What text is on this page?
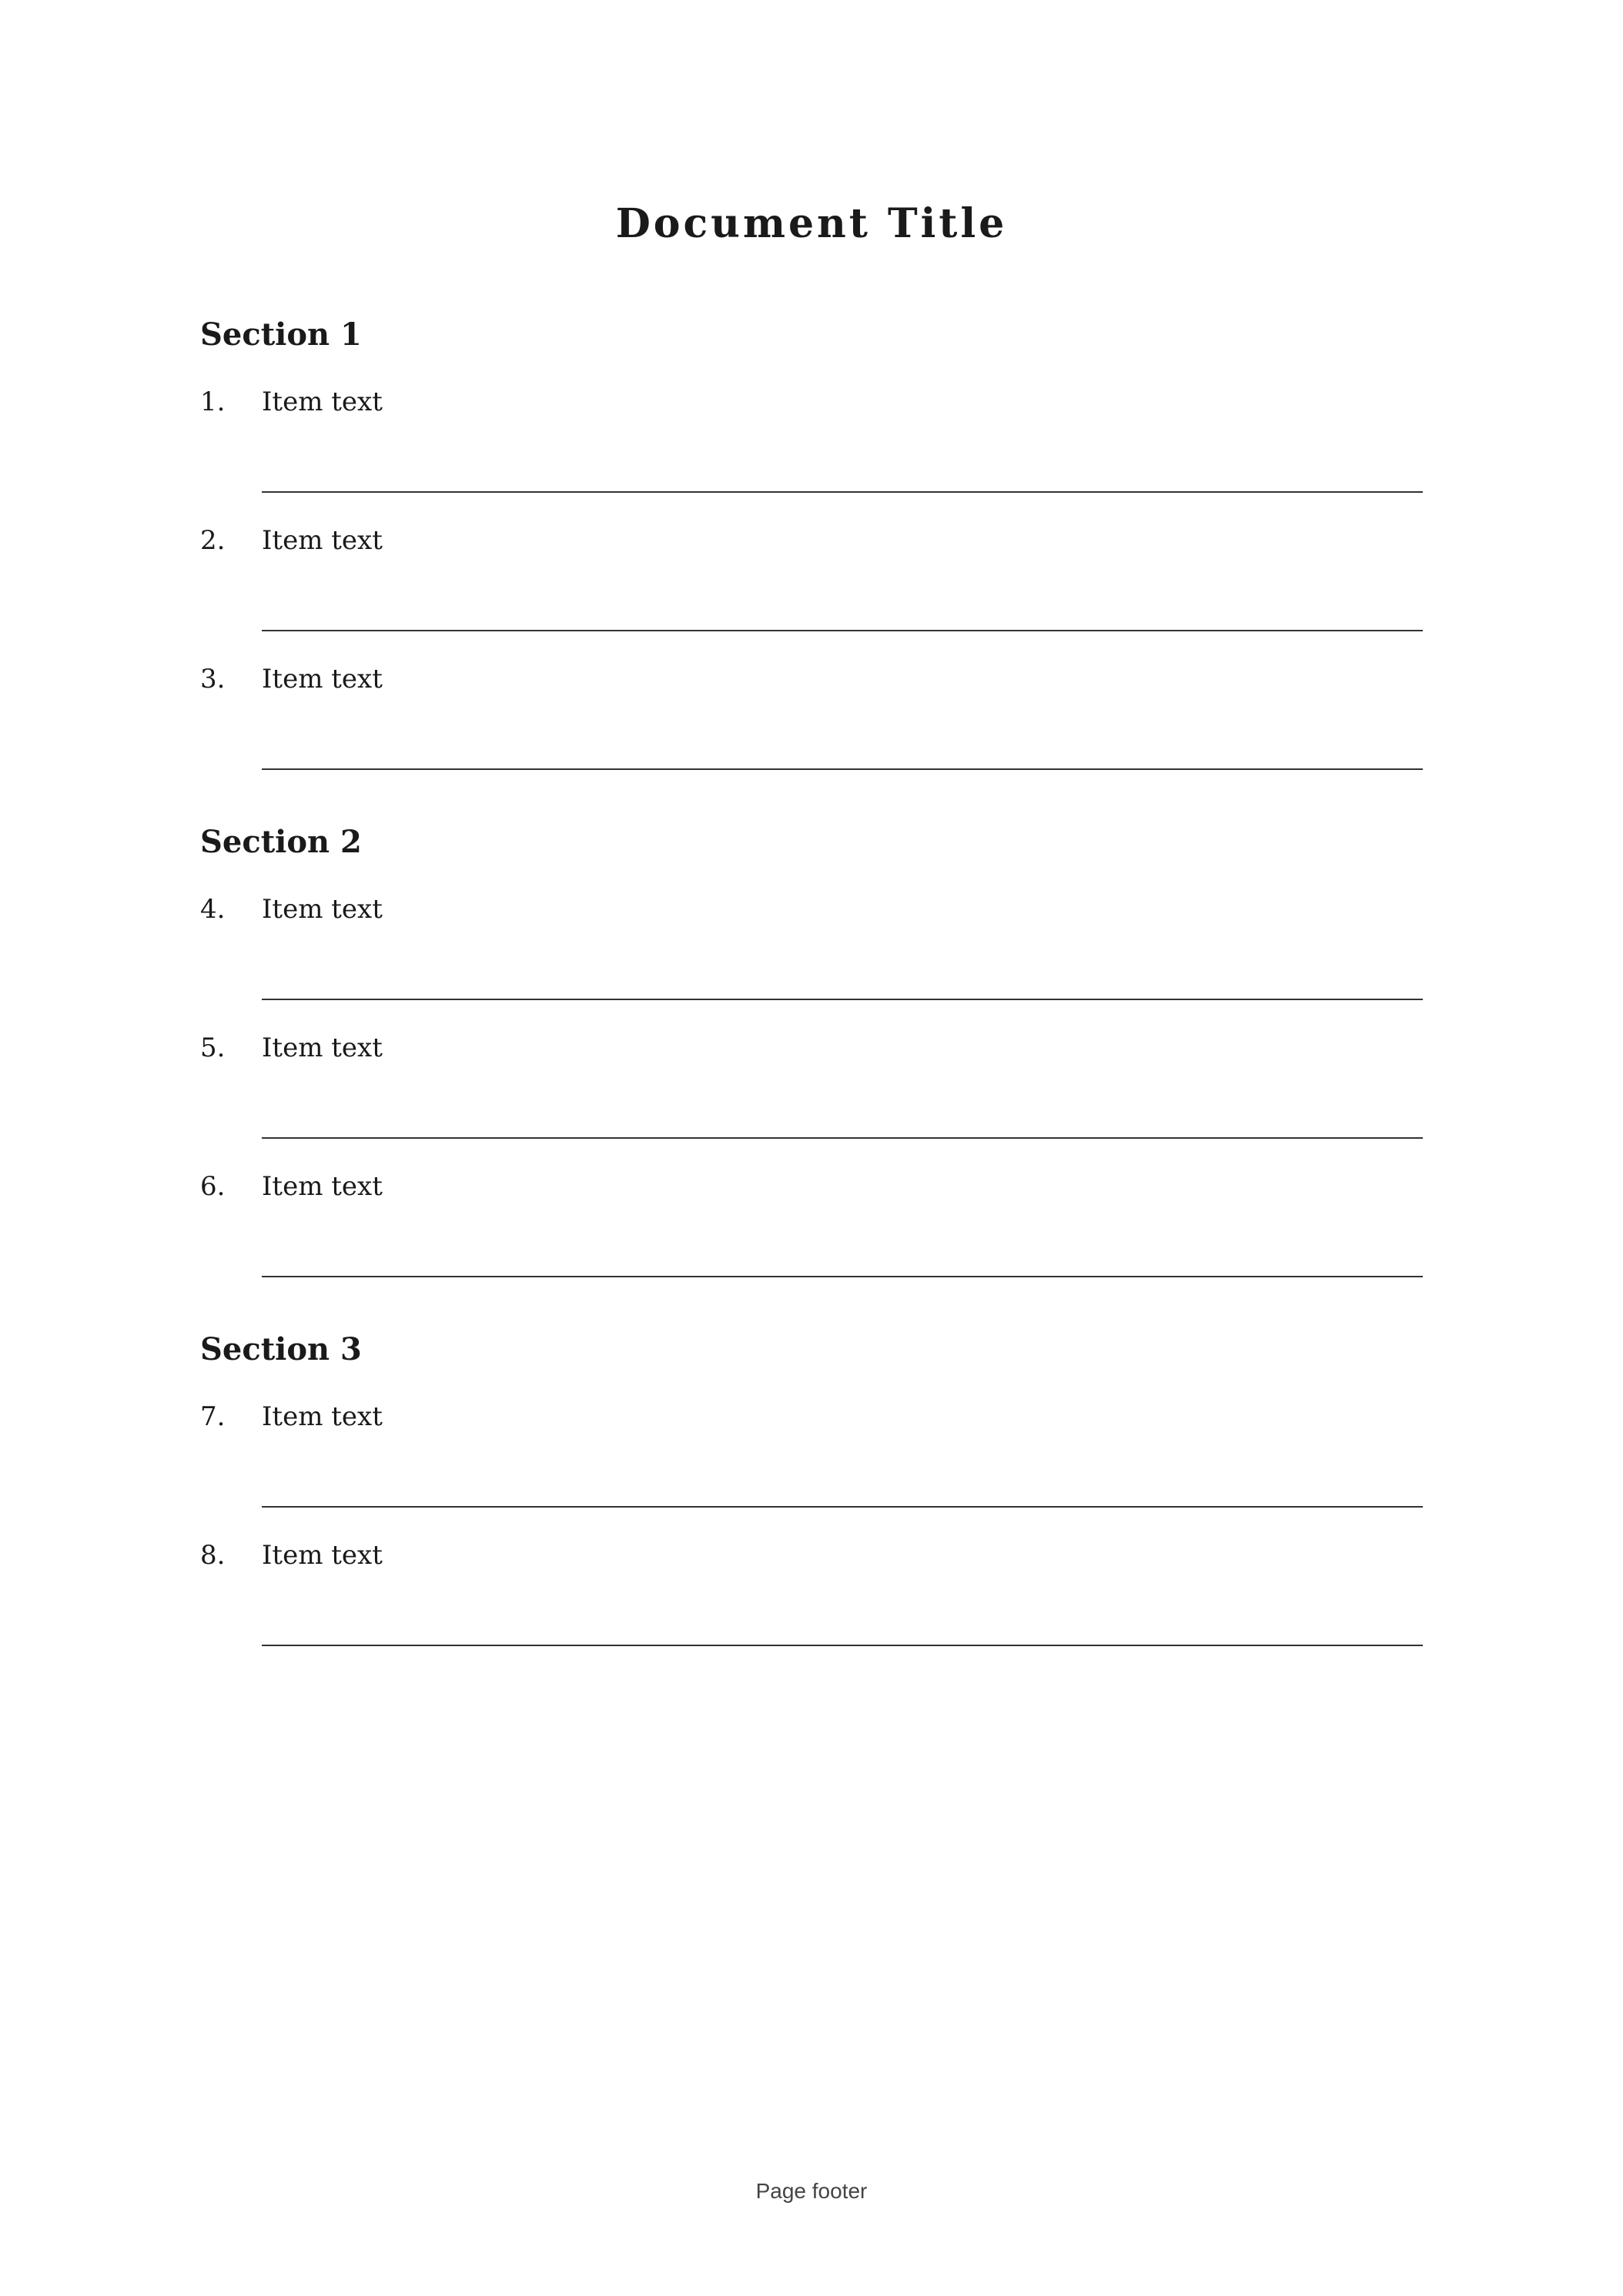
Document Title
Section 1
1.	Item text
2.	Item text
3.	Item text
Section 2
4.	Item text
5.	Item text
6.	Item text
Section 3
7.	Item text
8.	Item text
Page footer
